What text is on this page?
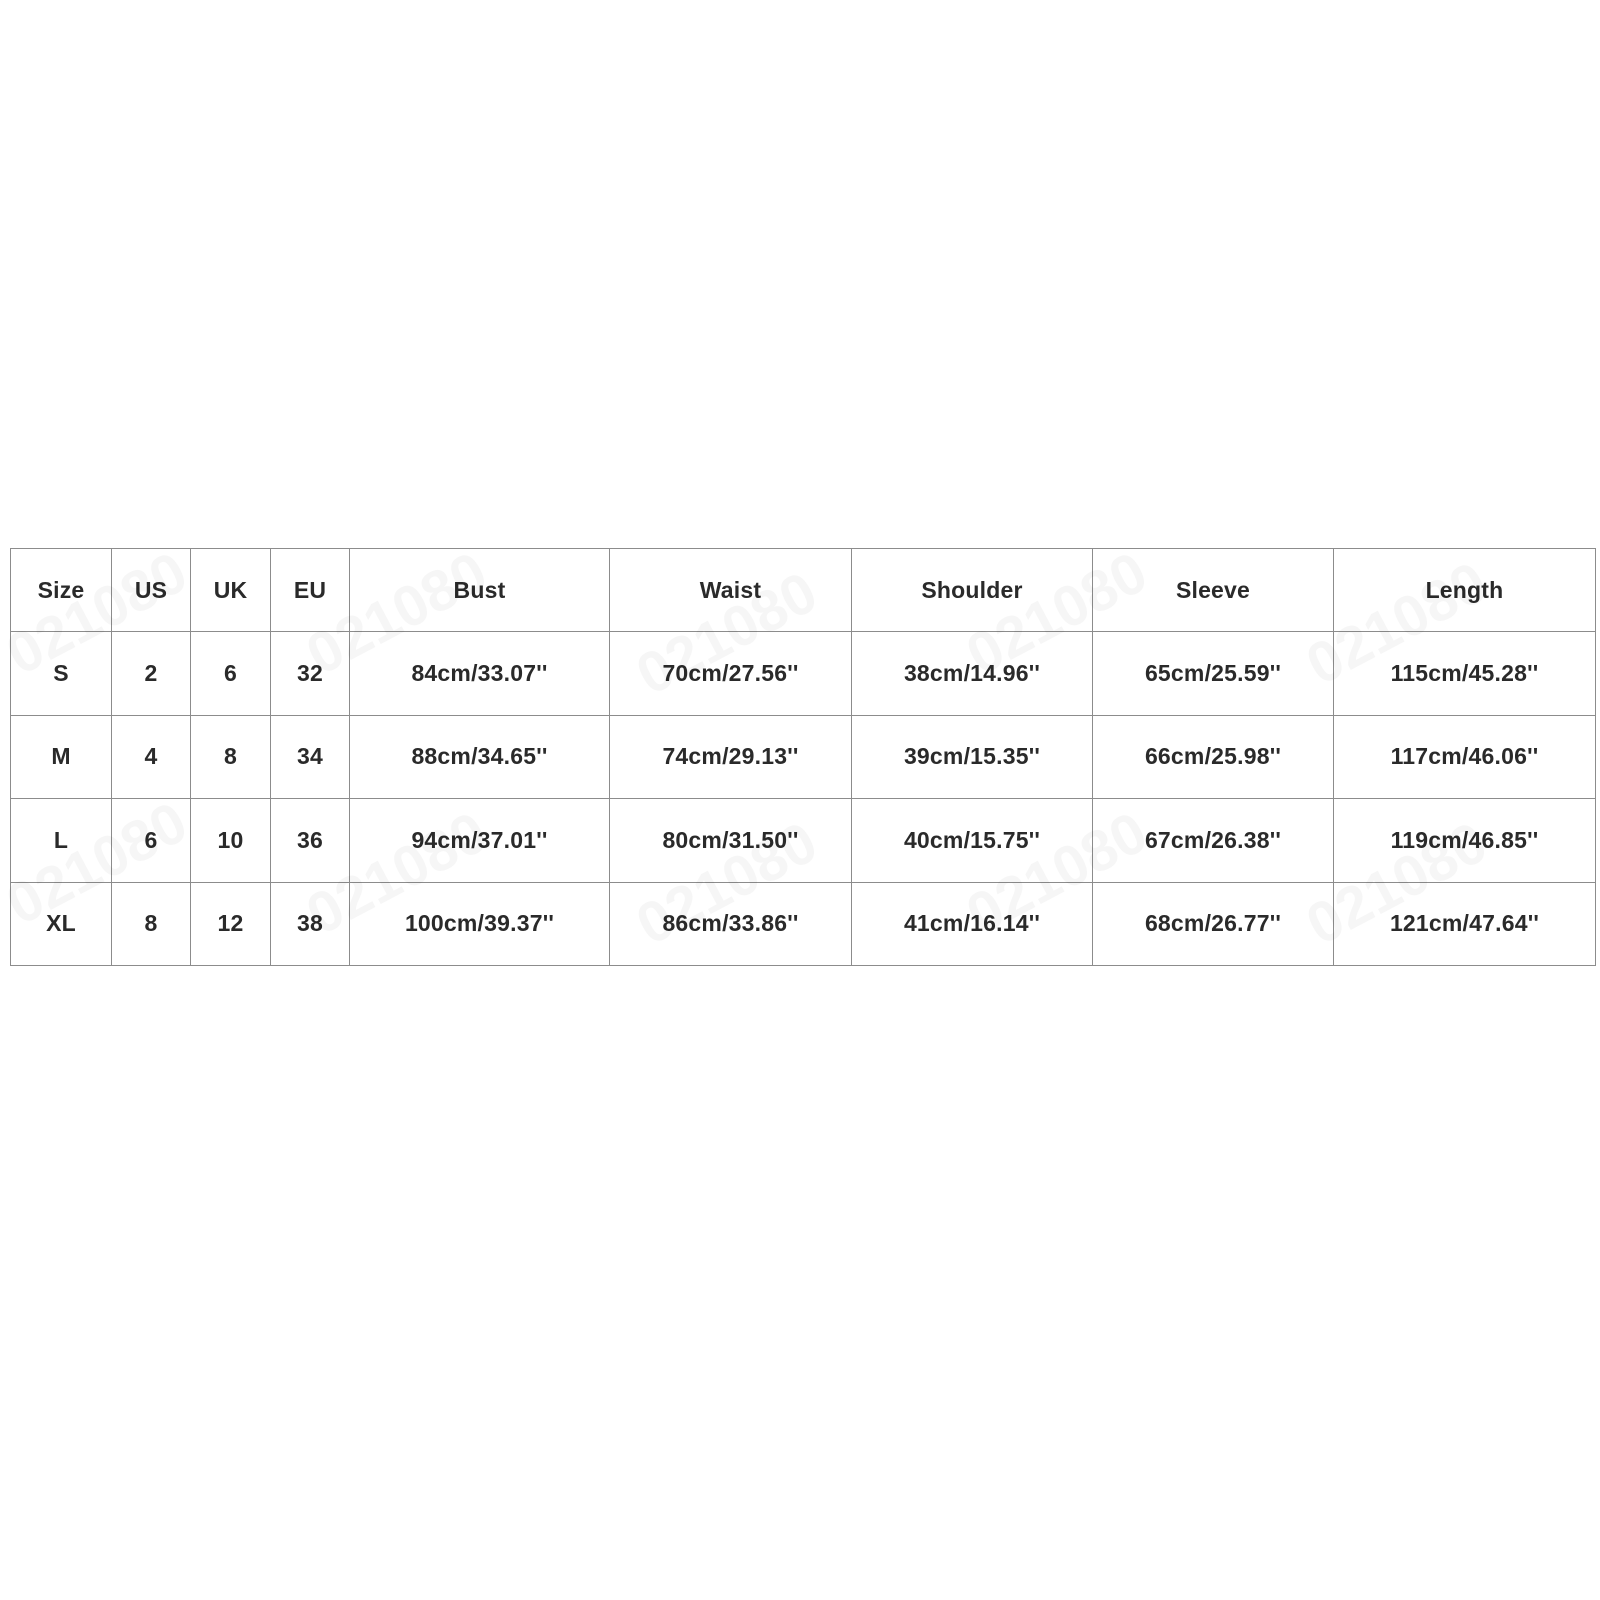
Size	US	UK	EU	Bust	Waist	Shoulder	Sleeve	Length
S	2	6	32	84cm/33.07''	70cm/27.56''	38cm/14.96''	65cm/25.59''	115cm/45.28''
M	4	8	34	88cm/34.65''	74cm/29.13''	39cm/15.35''	66cm/25.98''	117cm/46.06''
L	6	10	36	94cm/37.01''	80cm/31.50''	40cm/15.75''	67cm/26.38''	119cm/46.85''
XL	8	12	38	100cm/39.37''	86cm/33.86''	41cm/16.14''	68cm/26.77''	121cm/47.64''
